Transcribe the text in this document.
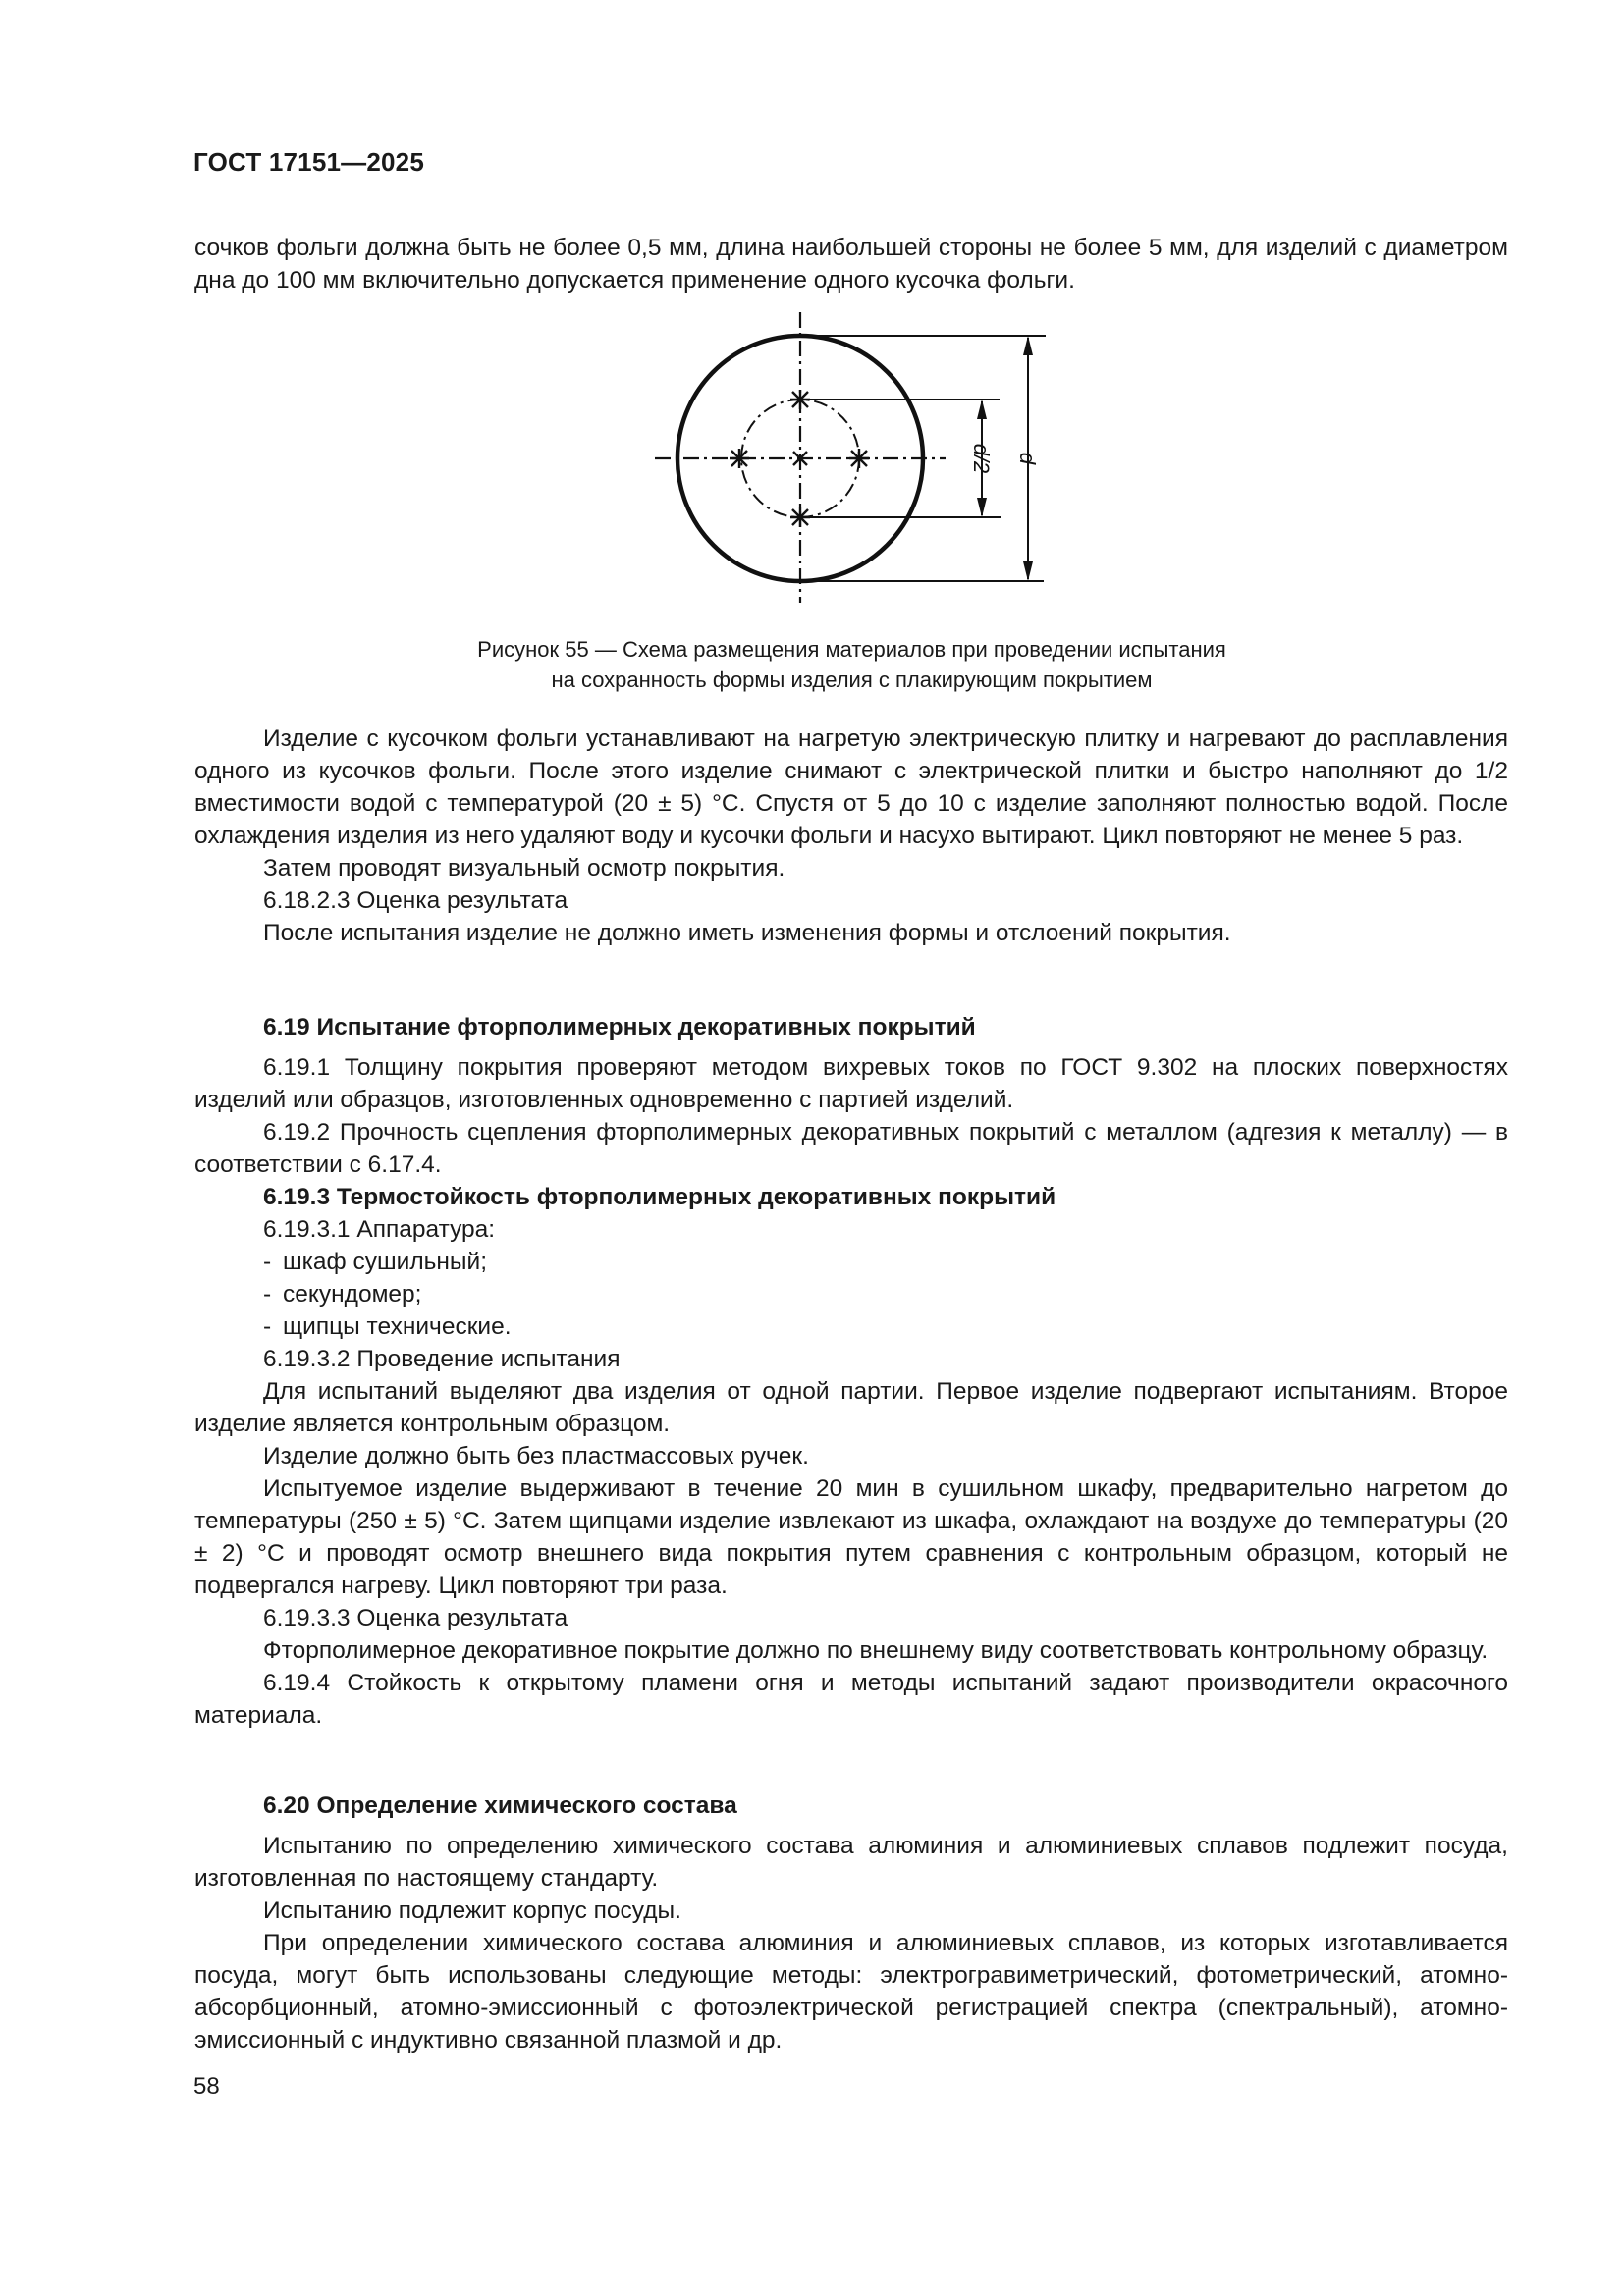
ГОСТ 17151—2025

сочков фольги должна быть не более 0,5 мм, длина наибольшей стороны не более 5 мм, для изделий с диаметром дна до 100 мм включительно допускается применение одного кусочка фольги.

d/2 d
Рисунок 55 — Схема размещения материалов при проведении испытания
на сохранность формы изделия с плакирующим покрытием

Изделие с кусочком фольги устанавливают на нагретую электрическую плитку и нагревают до расплавления одного из кусочков фольги. После этого изделие снимают с электрической плитки и быстро наполняют до 1/2 вместимости водой с температурой (20 ± 5) °С. Спустя от 5 до 10 с изделие заполняют полностью водой. После охлаждения изделия из него удаляют воду и кусочки фольги и насухо вытирают. Цикл повторяют не менее 5 раз.

Затем проводят визуальный осмотр покрытия.

6.18.2.3 Оценка результата

После испытания изделие не должно иметь изменения формы и отслоений покрытия.

6.19 Испытание фторполимерных декоративных покрытий

6.19.1 Толщину покрытия проверяют методом вихревых токов по ГОСТ 9.302 на плоских поверхностях изделий или образцов, изготовленных одновременно с партией изделий.

6.19.2 Прочность сцепления фторполимерных декоративных покрытий с металлом (адгезия к металлу) — в соответствии с 6.17.4.

6.19.3 Термостойкость фторполимерных декоративных покрытий

6.19.3.1 Аппаратура:

- шкаф сушильный;

- секундомер;

- щипцы технические.

6.19.3.2 Проведение испытания

Для испытаний выделяют два изделия от одной партии. Первое изделие подвергают испытаниям. Второе изделие является контрольным образцом.

Изделие должно быть без пластмассовых ручек.

Испытуемое изделие выдерживают в течение 20 мин в сушильном шкафу, предварительно нагретом до температуры (250 ± 5) °С. Затем щипцами изделие извлекают из шкафа, охлаждают на воздухе до температуры (20 ± 2) °С и проводят осмотр внешнего вида покрытия путем сравнения с контрольным образцом, который не подвергался нагреву. Цикл повторяют три раза.

6.19.3.3 Оценка результата

Фторполимерное декоративное покрытие должно по внешнему виду соответствовать контрольному образцу.

6.19.4 Стойкость к открытому пламени огня и методы испытаний задают производители окрасочного материала.

6.20 Определение химического состава

Испытанию по определению химического состава алюминия и алюминиевых сплавов подлежит посуда, изготовленная по настоящему стандарту.

Испытанию подлежит корпус посуды.

При определении химического состава алюминия и алюминиевых сплавов, из которых изготавливается посуда, могут быть использованы следующие методы: электрогравиметрический, фотометрический, атомно-абсорбционный, атомно-эмиссионный с фотоэлектрической регистрацией спектра (спектральный), атомно-эмиссионный с индуктивно связанной плазмой и др.

58
